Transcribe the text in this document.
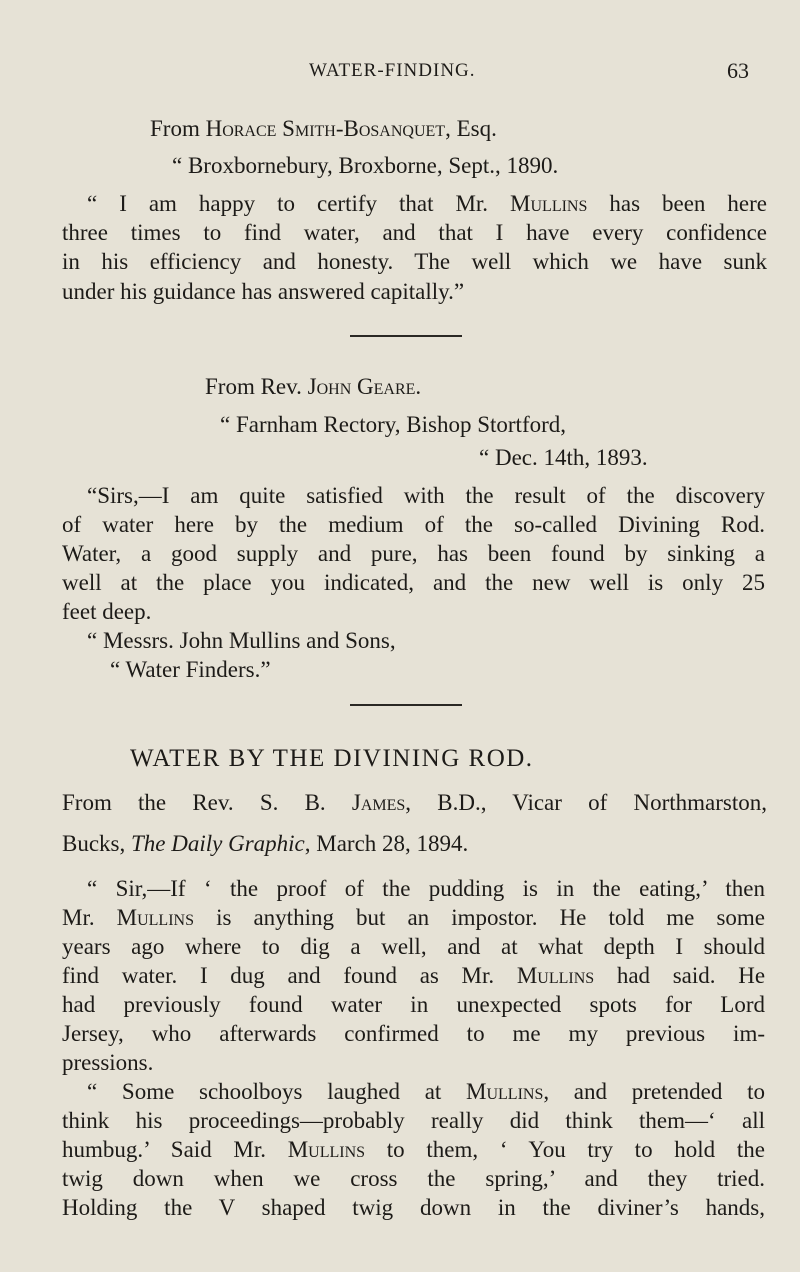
WATER-FINDING.	63
From Horace Smith-Bosanquet, Esq.
“ Broxbornebury, Broxborne, Sept., 1890.
“ I am happy to certify that Mr. Mullins has been here
three times to find water, and that I have every confidence
in his efficiency and honesty. The well which we have sunk
under his guidance has answered capitally.”
From Rev. John Geare.
“ Farnham Rectory, Bishop Stortford,
“ Dec. 14th, 1893.
“Sirs,—I am quite satisfied with the result of the discovery
of water here by the medium of the so-called Divining Rod.
Water, a good supply and pure, has been found by sinking a
well at the place you indicated, and the new well is only 25
feet deep.
“ Messrs. John Mullins and Sons,
“ Water Finders.”
WATER BY THE DIVINING ROD.
From the Rev. S. B. James, B.D., Vicar of Northmarston,
Bucks, The Daily Graphic, March 28, 1894.
“ Sir,—If ‘ the proof of the pudding is in the eating,’ then
Mr. Mullins is anything but an impostor. He told me some
years ago where to dig a well, and at what depth I should
find water. I dug and found as Mr. Mullins had said. He
had previously found water in unexpected spots for Lord
Jersey, who afterwards confirmed to me my previous im-
pressions.
“ Some schoolboys laughed at Mullins, and pretended to
think his proceedings—probably really did think them—‘ all
humbug.’ Said Mr. Mullins to them, ‘ You try to hold the
twig down when we cross the spring,’ and they tried.
Holding the V shaped twig down in the diviner’s hands,
